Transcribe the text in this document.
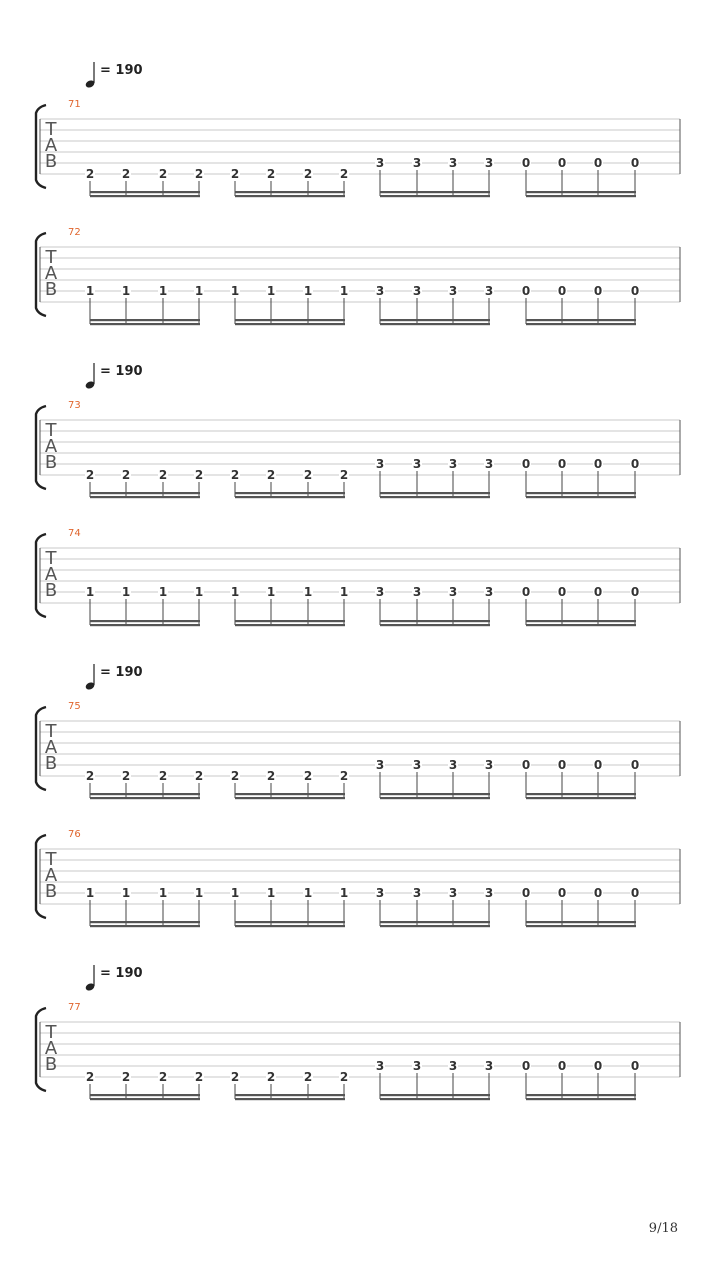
= 190
71
T
A
B
2 2 2 2 2 2 2 2
3 3 3 3 0 0 0 0
72
T
A
B 1 1 1 1 1 1 1 1 3 3 3 3 0 0 0 0
= 190
73
T
A
B
2 2 2 2 2 2 2 2
3 3 3 3 0 0 0 0
74
T
A
B 1 1 1 1 1 1 1 1 3 3 3 3 0 0 0 0
= 190
75
T
A
B
2 2 2 2 2 2 2 2
3 3 3 3 0 0 0 0
76
T
A
B 1 1 1 1 1 1 1 1 3 3 3 3 0 0 0 0
= 190
77
T
A
B
2 2 2 2 2 2 2 2
3 3 3 3 0 0 0 0
9/18
